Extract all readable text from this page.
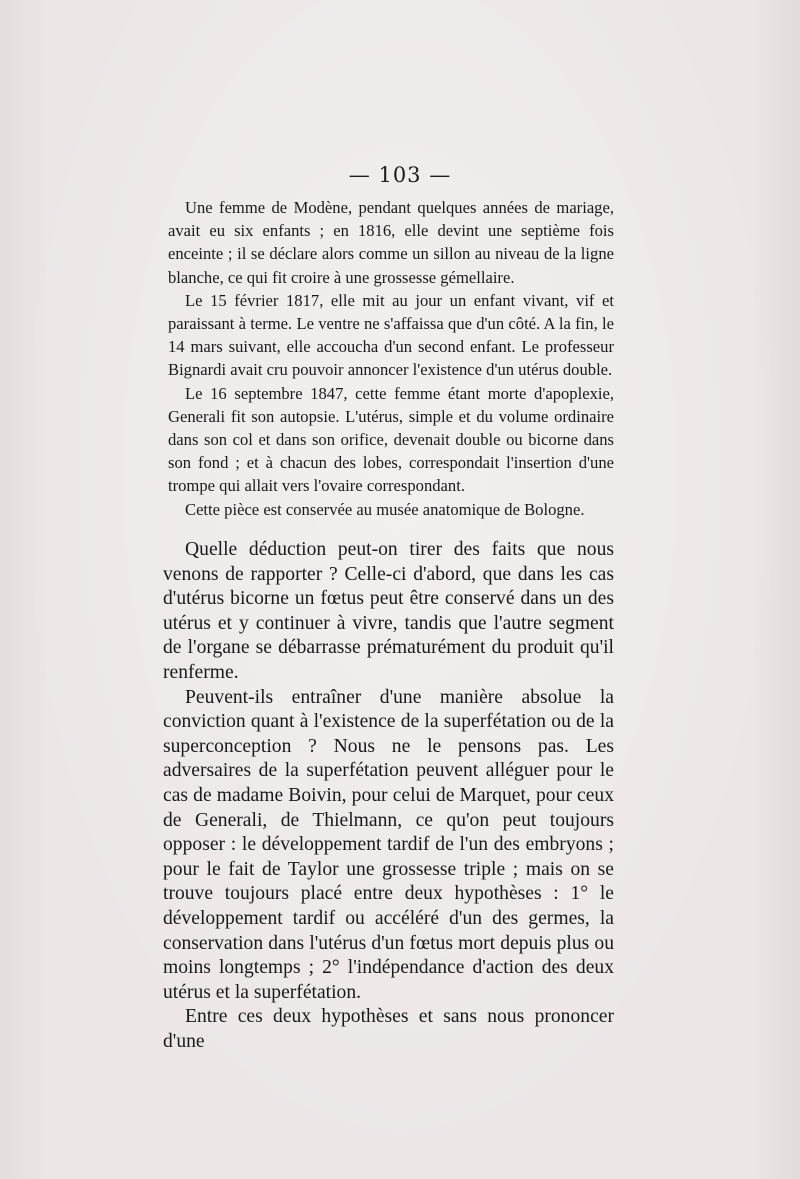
— 103 —

Une femme de Modène, pendant quelques années de mariage, avait eu six enfants ; en 1816, elle devint une septième fois enceinte ; il se déclare alors comme un sillon au niveau de la ligne blanche, ce qui fit croire à une grossesse gémellaire.

Le 15 février 1817, elle mit au jour un enfant vivant, vif et paraissant à terme. Le ventre ne s'affaissa que d'un côté. A la fin, le 14 mars suivant, elle accoucha d'un second enfant. Le professeur Bignardi avait cru pouvoir annoncer l'existence d'un utérus double.

Le 16 septembre 1847, cette femme étant morte d'apoplexie, Generali fit son autopsie. L'utérus, simple et du volume ordinaire dans son col et dans son orifice, devenait double ou bicorne dans son fond ; et à chacun des lobes, correspondait l'insertion d'une trompe qui allait vers l'ovaire correspondant.

Cette pièce est conservée au musée anatomique de Bologne.

Quelle déduction peut-on tirer des faits que nous venons de rapporter ? Celle-ci d'abord, que dans les cas d'utérus bicorne un fœtus peut être conservé dans un des utérus et y continuer à vivre, tandis que l'autre segment de l'organe se débarrasse prématurément du produit qu'il renferme.

Peuvent-ils entraîner d'une manière absolue la conviction quant à l'existence de la superfétation ou de la superconception ? Nous ne le pensons pas. Les adversaires de la superfétation peuvent alléguer pour le cas de madame Boivin, pour celui de Marquet, pour ceux de Generali, de Thielmann, ce qu'on peut toujours opposer : le développement tardif de l'un des embryons ; pour le fait de Taylor une grossesse triple ; mais on se trouve toujours placé entre deux hypothèses : 1° le développement tardif ou accéléré d'un des germes, la conservation dans l'utérus d'un fœtus mort depuis plus ou moins longtemps ; 2° l'indépendance d'action des deux utérus et la superfétation.

Entre ces deux hypothèses et sans nous prononcer d'une
